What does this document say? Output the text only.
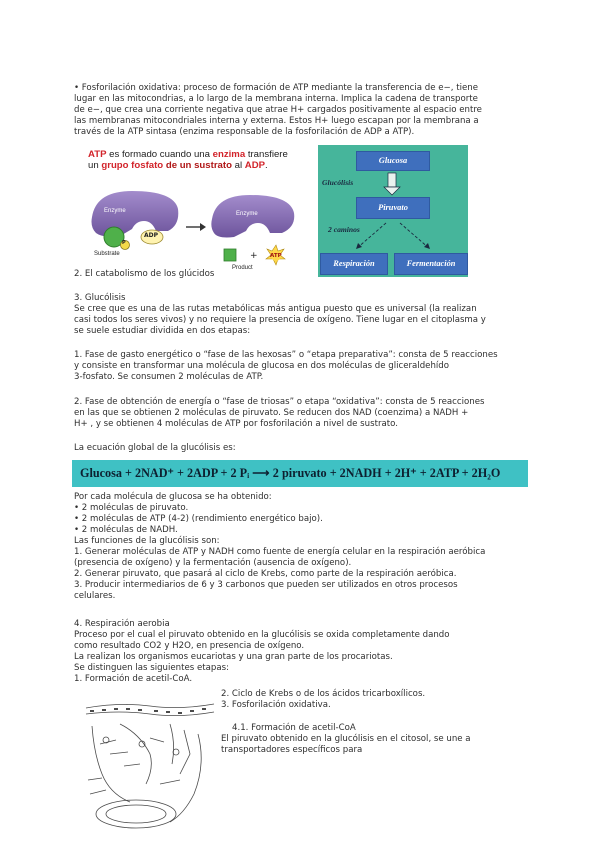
• Fosforilación oxidativa: proceso de formación de ATP mediante la transferencia de e−, tiene
lugar en las mitocondrias, a lo largo de la membrana interna. Implica la cadena de transporte
de e−, que crea una corriente negativa que atrae H+ cargados positivamente al espacio entre
las membranas mitocondriales interna y externa. Estos H+ luego escapan por la membrana a
través de la ATP sintasa (enzima responsable de la fosforilación de ADP a ATP).
ATP es formado cuando una enzima transfiere un grupo fosfato de un sustrato al ADP.
Enzyme	Enzyme
P
ADP
Substrate
Product
+ ATP
Glucosa
Glucólisis
Piruvato
2 caminos
Respiración	Fermentación
2. El catabolismo de los glúcidos
3. Glucólisis
Se cree que es una de las rutas metabólicas más antigua puesto que es universal (la realizan
casi todos los seres vivos) y no requiere la presencia de oxígeno. Tiene lugar en el citoplasma y
se suele estudiar dividida en dos etapas:
1. Fase de gasto energético o “fase de las hexosas” o “etapa preparativa”: consta de 5 reacciones
y consiste en transformar una molécula de glucosa en dos moléculas de gliceraldehído
3-fosfato. Se consumen 2 moléculas de ATP.
2. Fase de obtención de energía o “fase de triosas” o etapa “oxidativa”: consta de 5 reacciones
en las que se obtienen 2 moléculas de piruvato. Se reducen dos NAD (coenzima) a NADH +
H+ , y se obtienen 4 moléculas de ATP por fosforilación a nivel de sustrato.
La ecuación global de la glucólisis es:
Glucosa + 2NAD⁺ + 2ADP + 2 Pᵢ ⟶ 2 piruvato + 2NADH + 2H⁺ + 2ATP + 2H₂O
Por cada molécula de glucosa se ha obtenido:
• 2 moléculas de piruvato.
• 2 moléculas de ATP (4-2) (rendimiento energético bajo).
• 2 moléculas de NADH.
Las funciones de la glucólisis son:
1. Generar moléculas de ATP y NADH como fuente de energía celular en la respiración aeróbica
(presencia de oxígeno) y la fermentación (ausencia de oxígeno).
2. Generar piruvato, que pasará al ciclo de Krebs, como parte de la respiración aeróbica.
3. Producir intermediarios de 6 y 3 carbonos que pueden ser utilizados en otros procesos
celulares.
4. Respiración aerobia
Proceso por el cual el piruvato obtenido en la glucólisis se oxida completamente dando
como resultado CO2 y H2O, en presencia de oxígeno.
La realizan los organismos eucariotas y una gran parte de los procariotas.
Se distinguen las siguientes etapas:
1. Formación de acetil-CoA.
2. Ciclo de Krebs o de los ácidos tricarboxílicos.
3. Fosforilación oxidativa.
4.1. Formación de acetil-CoA
El piruvato obtenido en la glucólisis en el citosol, se une a
transportadores específicos para
